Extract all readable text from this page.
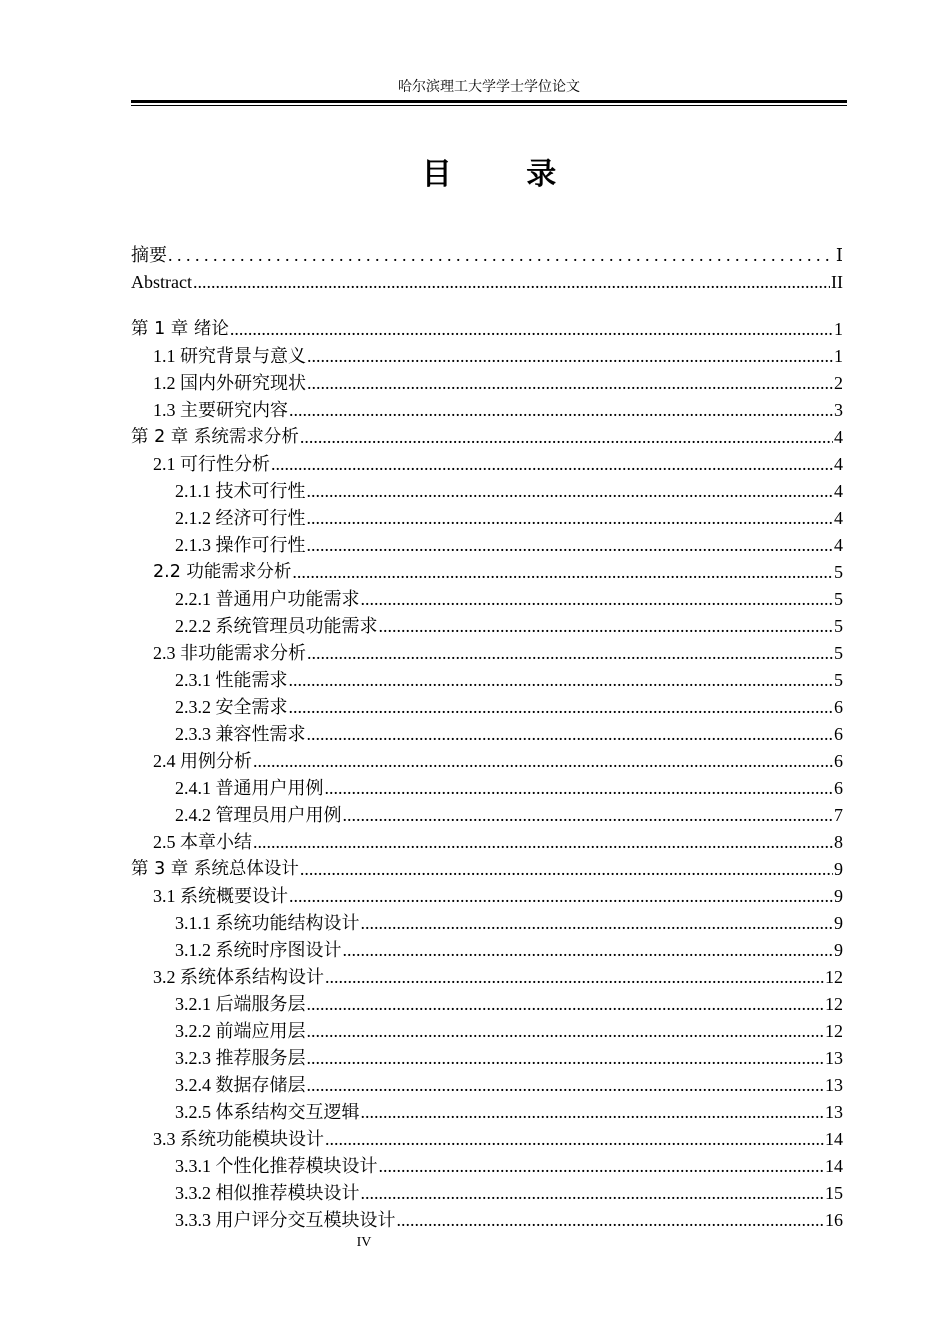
哈尔滨理工大学学士学位论文
目 录
摘要 . . .	Ⅰ
Abstract .....	II
第 1 章 绪论 .....	1
1.1 研究背景与意义 .....	1
1.2 国内外研究现状 .....	2
1.3 主要研究内容 .....	3
第 2 章 系统需求分析 .....	4
2.1 可行性分析 .....	4
2.1.1 技术可行性 .....	4
2.1.2 经济可行性 .....	4
2.1.3 操作可行性 .....	4
2.2 功能需求分析 .....	5
2.2.1 普通用户功能需求 .....	5
2.2.2 系统管理员功能需求 .....	5
2.3 非功能需求分析 .....	5
2.3.1 性能需求 .....	5
2.3.2 安全需求 .....	6
2.3.3 兼容性需求 .....	6
2.4 用例分析 .....	6
2.4.1 普通用户用例 .....	6
2.4.2 管理员用户用例 .....	7
2.5 本章小结 .....	8
第 3 章 系统总体设计 .....	9
3.1 系统概要设计 .....	9
3.1.1 系统功能结构设计 .....	9
3.1.2 系统时序图设计 .....	9
3.2 系统体系结构设计 .....	12
3.2.1 后端服务层 .....	12
3.2.2 前端应用层 .....	12
3.2.3 推荐服务层 .....	13
3.2.4 数据存储层 .....	13
3.2.5 体系结构交互逻辑 .....	13
3.3 系统功能模块设计 .....	14
3.3.1 个性化推荐模块设计 .....	14
3.3.2 相似推荐模块设计 .....	15
3.3.3 用户评分交互模块设计 .....	16
IV
